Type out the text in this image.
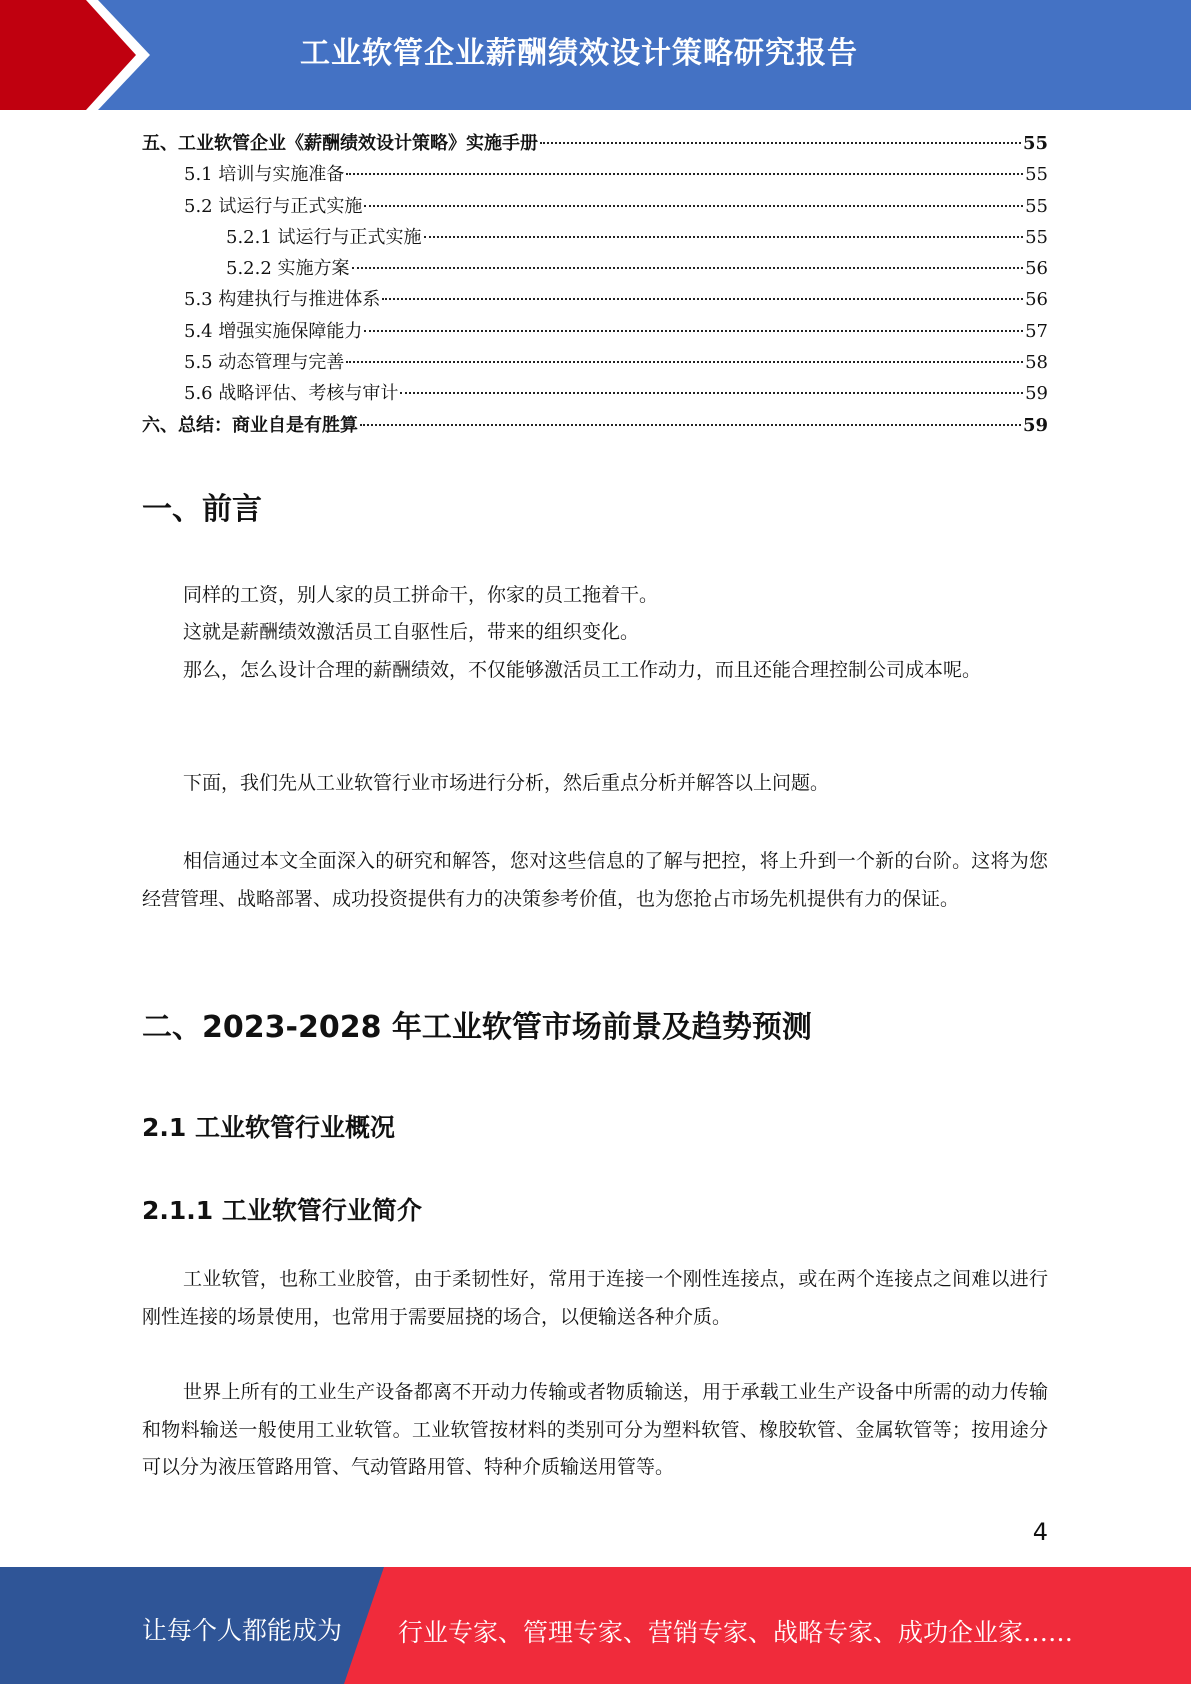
工业软管企业薪酬绩效设计策略研究报告
五、工业软管企业《薪酬绩效设计策略》实施手册	55
5.1 培训与实施准备	55
5.2 试运行与正式实施	55
5.2.1 试运行与正式实施	55
5.2.2 实施方案	56
5.3 构建执行与推进体系	56
5.4 增强实施保障能力	57
5.5 动态管理与完善	58
5.6 战略评估、考核与审计	59
六、总结：商业自是有胜算	59
一、前言

同样的工资，别人家的员工拼命干，你家的员工拖着干。

这就是薪酬绩效激活员工自驱性后，带来的组织变化。

那么，怎么设计合理的薪酬绩效，不仅能够激活员工工作动力，而且还能合理控制公司成本呢。

下面，我们先从工业软管行业市场进行分析，然后重点分析并解答以上问题。

相信通过本文全面深入的研究和解答，您对这些信息的了解与把控，将上升到一个新的台阶。这将为您经营管理、战略部署、成功投资提供有力的决策参考价值，也为您抢占市场先机提供有力的保证。

二、2023-2028 年工业软管市场前景及趋势预测
2.1 工业软管行业概况
2.1.1 工业软管行业简介

工业软管，也称工业胶管，由于柔韧性好，常用于连接一个刚性连接点，或在两个连接点之间难以进行刚性连接的场景使用，也常用于需要屈挠的场合，以便输送各种介质。

世界上所有的工业生产设备都离不开动力传输或者物质输送，用于承载工业生产设备中所需的动力传输和物料输送一般使用工业软管。工业软管按材料的类别可分为塑料软管、橡胶软管、金属软管等；按用途分可以分为液压管路用管、气动管路用管、特种介质输送用管等。

4
让每个人都能成为 行业专家、管理专家、营销专家、战略专家、成功企业家……
